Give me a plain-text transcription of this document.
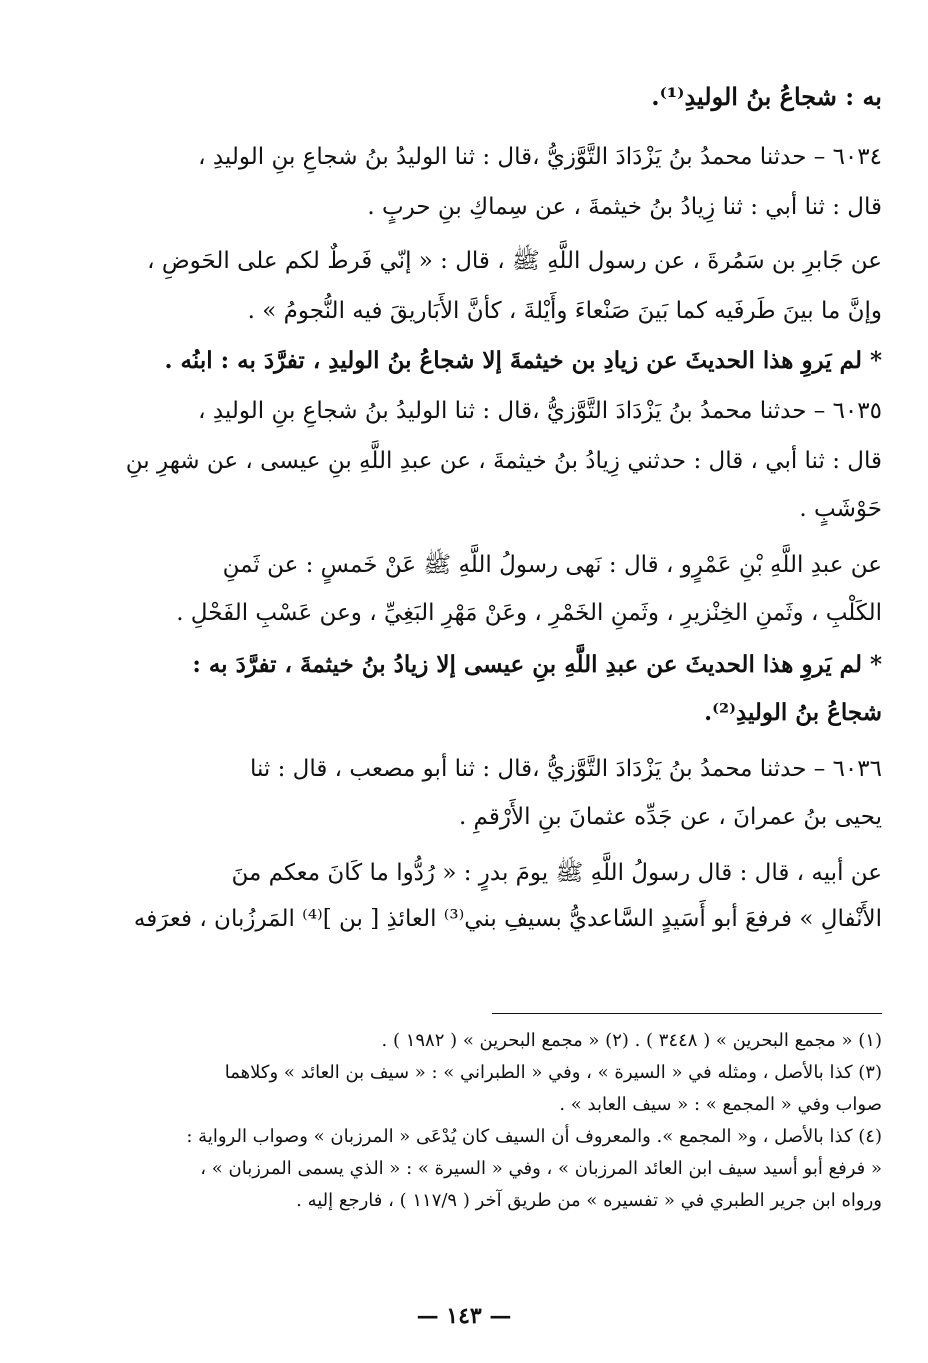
به : شجاعُ بنُ الوليدِ⁽¹⁾.

٦٠٣٤ – حدثنا محمدُ بنُ يَزْدَادَ التَّوَّزيُّ ،قال : ثنا الوليدُ بنُ شجاعِ بنِ الوليدِ ،

قال : ثنا أبي : ثنا زِيادُ بنُ خيثمةَ ، عن سِماكِ بنِ حربٍ .

عن جَابرِ بن سَمُرةَ ، عن رسول اللَّهِ ﷺ ، قال : « إنّي فَرطٌ لكم على الحَوضِ ،

وإنَّ ما بينَ طَرفَيه كما بَينَ صَنْعاءَ وأَيْلةَ ، كأنَّ الأَبَاريقَ فيه النُّجومُ » .

* لم يَروِ هذا الحديثَ عن زيادِ بن خيثمةَ إلا شجاعُ بنُ الوليدِ ، تفرَّدَ به : ابنُه .

٦٠٣٥ – حدثنا محمدُ بنُ يَزْدَادَ التَّوَّزيُّ ،قال : ثنا الوليدُ بنُ شجاعِ بنِ الوليدِ ،

قال : ثنا أبي ، قال : حدثني زِيادُ بنُ خيثمةَ ، عن عبدِ اللَّهِ بنِ عيسى ، عن شهرِ بنِ

حَوْشَبٍ .

عن عبدِ اللَّهِ بْنِ عَمْرٍو ، قال : نَهى رسولُ اللَّهِ ﷺ عَنْ خَمسٍ : عن ثَمنِ

الكَلْبِ ، وثَمنِ الخِنْزيرِ ، وثَمنِ الخَمْرِ ، وعَنْ مَهْرِ البَغِيِّ ، وعن عَسْبِ الفَحْلِ .

* لم يَروِ هذا الحديثَ عن عبدِ اللَّهِ بنِ عيسى إلا زيادُ بنُ خيثمةَ ، تفرَّدَ به :

شجاعُ بنُ الوليدِ⁽²⁾.

٦٠٣٦ – حدثنا محمدُ بنُ يَزْدَادَ التَّوَّزيُّ ،قال : ثنا أبو مصعب ، قال : ثنا

يحيى بنُ عمرانَ ، عن جَدِّه عثمانَ بنِ الأَرْقمِ .

عن أبيه ، قال : قال رسولُ اللَّهِ ﷺ يومَ بدرٍ : « رُدُّوا ما كَانَ معكم منَ

الأَنْفالِ » فرفعَ أبو أَسَيدٍ السَّاعديُّ بسيفِ بني⁽³⁾ العائذِ [ بن ]⁽⁴⁾ المَرزُبان ، فعرَفه

(١) « مجمع البحرين » ( ٣٤٤٨ ) . (٢) « مجمع البحرين » ( ١٩٨٢ ) .

(٣) كذا بالأصل ، ومثله في « السيرة » ، وفي « الطبراني » : « سيف بن العائد » وكلاهما

صواب وفي « المجمع » : « سيف العابد » .

(٤) كذا بالأصل ، و« المجمع ». والمعروف أن السيف كان يُدْعَى « المرزبان » وصواب الرواية :

« فرفع أبو أسيد سيف ابن العائد المرزبان » ، وفي « السيرة » : « الذي يسمى المرزبان » ،

ورواه ابن جرير الطبري في « تفسيره » من طريق آخر ( ١١٧/٩ ) ، فارجع إليه .

— ١٤٣ —
